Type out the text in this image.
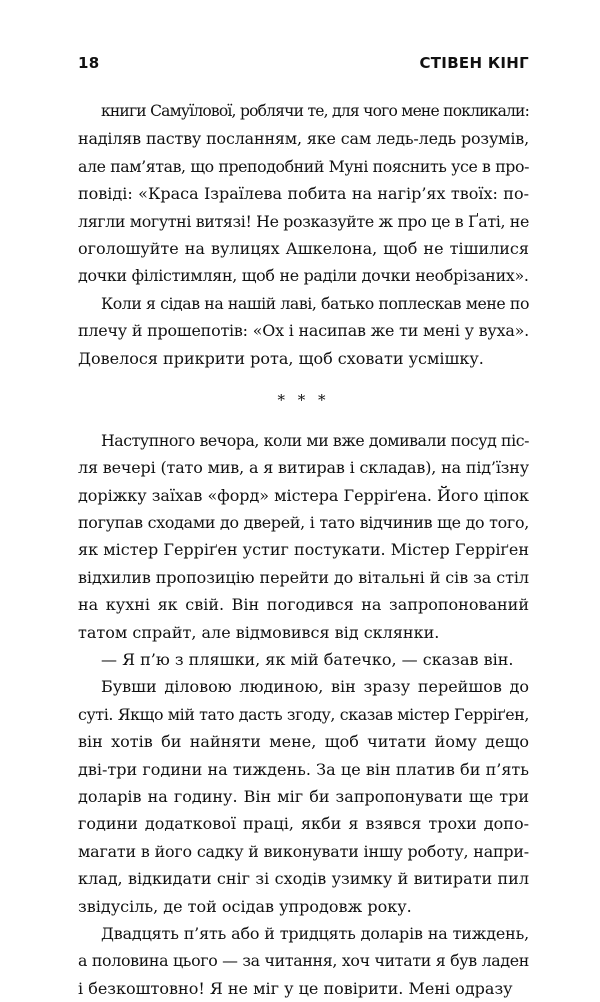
18	СТІВЕН КІНГ
книги Самуїлової, роблячи те, для чого мене покликали:
наділяв паству посланням, яке сам ледь-ледь розумів,
але пам’ятав, що преподобний Муні пояснить усе в про-
повіді: «Краса Ізраїлева побита на нагір’ях твоїх: по-
лягли могутні витязі! Не розказуйте ж про це в Ґаті, не
оголошуйте на вулицях Ашкелона, щоб не тішилися
дочки філістимлян, щоб не раділи дочки необрізаних».
Коли я сідав на нашій лаві, батько поплескав мене по
плечу й прошепотів: «Ох і насипав же ти мені у вуха».
Довелося прикрити рота, щоб сховати усмішку.
* * *
Наступного вечора, коли ми вже домивали посуд піс-
ля вечері (тато мив, а я витирав і складав), на під’їзну
доріжку заїхав «форд» містера Герріґена. Його ціпок
погупав сходами до дверей, і тато відчинив ще до того,
як містер Герріґен устиг постукати. Містер Герріґен
відхилив пропозицію перейти до вітальні й сів за стіл
на кухні як свій. Він погодився на запропонований
татом спрайт, але відмовився від склянки.
— Я п’ю з пляшки, як мій батечко, — сказав він.
Бувши діловою людиною, він зразу перейшов до
суті. Якщо мій тато дасть згоду, сказав містер Герріґен,
він хотів би найняти мене, щоб читати йому дещо
дві-три години на тиждень. За це він платив би п’ять
доларів на годину. Він міг би запропонувати ще три
години додаткової праці, якби я взявся трохи допо-
магати в його садку й виконувати іншу роботу, напри-
клад, відкидати сніг зі сходів узимку й витирати пил
звідусіль, де той осідав упродовж року.
Двадцять п’ять або й тридцять доларів на тиждень,
а половина цього — за читання, хоч читати я був ладен
і безкоштовно! Я не міг у це повірити. Мені одразу
